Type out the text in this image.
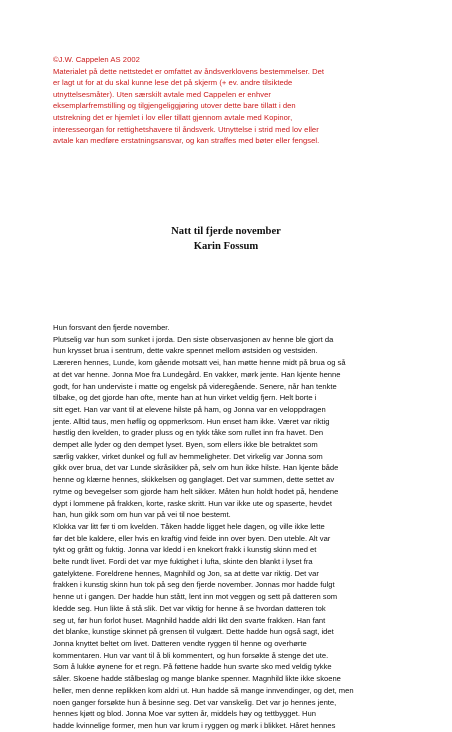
©J.W. Cappelen AS 2002
Materialet på dette nettstedet er omfattet av åndsverklovens bestemmelser. Det
er lagt ut for at du skal kunne lese det på skjerm (+ ev. andre tilsiktede
utnyttelsesmåter). Uten særskilt avtale med Cappelen er enhver
eksemplarfremstilling og tilgjengeliggjøring utover dette bare tillatt i den
utstrekning det er hjemlet i lov eller tillatt gjennom avtale med Kopinor,
interesseorgan for rettighetshavere til åndsverk. Utnyttelse i strid med lov eller
avtale kan medføre erstatningsansvar, og kan straffes med bøter eller fengsel.
Natt til fjerde november
Karin Fossum
Hun forsvant den fjerde november.
Plutselig var hun som sunket i jorda. Den siste observasjonen av henne ble gjort da
hun krysset brua i sentrum, dette vakre spennet mellom østsiden og vestsiden.
Læreren hennes, Lunde, kom gående motsatt vei, han møtte henne midt på brua og så
at det var henne. Jonna Moe fra Lundegård. En vakker, mørk jente. Han kjente henne
godt, for han underviste i matte og engelsk på videregående. Senere, når han tenkte
tilbake, og det gjorde han ofte, mente han at hun virket veldig fjern. Helt borte i
sitt eget. Han var vant til at elevene hilste på ham, og Jonna var en veloppdragen
jente. Alltid taus, men høflig og oppmerksom. Hun enset ham ikke. Været var riktig
høstlig den kvelden, to grader pluss og en tykk tåke som rullet inn fra havet. Den
dempet alle lyder og den dempet lyset. Byen, som ellers ikke ble betraktet som
særlig vakker, virket dunkel og full av hemmeligheter. Det virkelig var Jonna som
gikk over brua, det var Lunde skråsikker på, selv om hun ikke hilste. Han kjente både
henne og klærne hennes, skikkelsen og ganglaget. Det var summen, dette settet av
rytme og bevegelser som gjorde ham helt sikker. Måten hun holdt hodet på, hendene
dypt i lommene på frakken, korte, raske skritt. Hun var ikke ute og spaserte, hevdet
han, hun gikk som om hun var på vei til noe bestemt.
Klokka var litt før ti om kvelden. Tåken hadde ligget hele dagen, og ville ikke lette
før det ble kaldere, eller hvis en kraftig vind feide inn over byen. Den uteble. Alt var
tykt og grått og fuktig. Jonna var kledd i en knekort frakk i kunstig skinn med et
belte rundt livet. Fordi det var mye fuktighet i lufta, skinte den blankt i lyset fra
gatelyktene. Foreldrene hennes, Magnhild og Jon, sa at dette var riktig. Det var
frakken i kunstig skinn hun tok på seg den fjerde november. Jonnas mor hadde fulgt
henne ut i gangen. Der hadde hun stått, lent inn mot veggen og sett på datteren som
kledde seg. Hun likte å stå slik. Det var viktig for henne å se hvordan datteren tok
seg ut, før hun forlot huset. Magnhild hadde aldri likt den svarte frakken. Han fant
det blanke, kunstige skinnet på grensen til vulgært. Dette hadde hun også sagt, idet
Jonna knyttet beltet om livet. Datteren vendte ryggen til henne og overhørte
kommentaren. Hun var vant til å bli kommentert, og hun forsøkte å stenge det ute.
Som å lukke øynene for et regn. På føttene hadde hun svarte sko med veldig tykke
såler. Skoene hadde stålbeslag og mange blanke spenner. Magnhild likte ikke skoene
heller, men denne replikken kom aldri ut. Hun hadde så mange innvendinger, og det, men
noen ganger forsøkte hun å besinne seg. Det var vanskelig. Det var jo hennes jente,
hennes kjøtt og blod. Jonna Moe var sytten år, middels høy og tettbygget. Hun
hadde kvinnelige former, men hun var krum i ryggen og mørk i blikket. Håret hennes
